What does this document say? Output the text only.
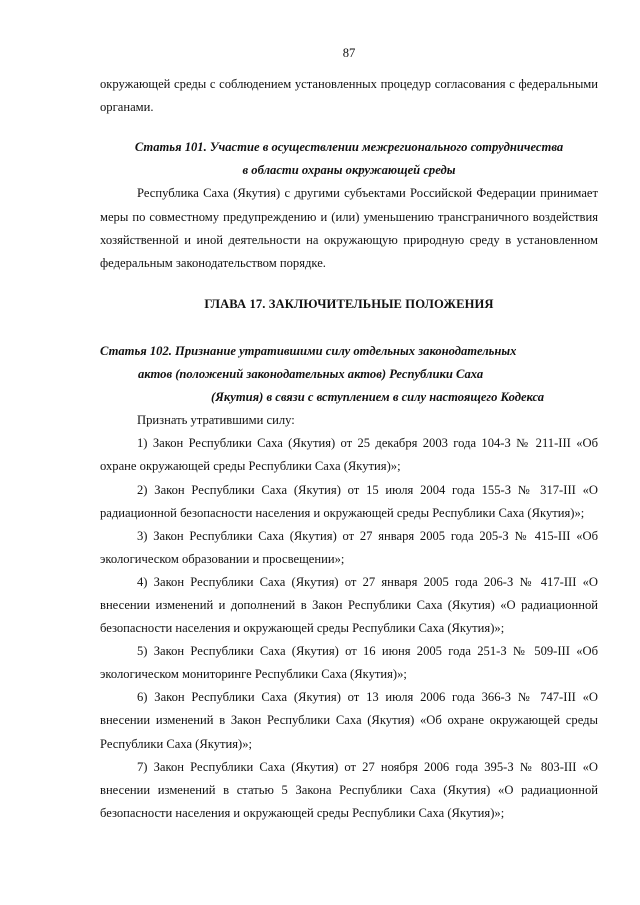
87

окружающей среды с соблюдением установленных процедур согласования с федеральными органами.

Статья 101. Участие в осуществлении межрегионального сотрудничества
в области охраны окружающей среды

Республика Саха (Якутия) с другими субъектами Российской Федерации принимает меры по совместному предупреждению и (или) уменьшению трансграничного воздействия хозяйственной и иной деятельности на окружающую природную среду в установленном федеральным законодательством порядке.

ГЛАВА 17. ЗАКЛЮЧИТЕЛЬНЫЕ ПОЛОЖЕНИЯ
Статья 102. Признание утратившими силу отдельных законодательных
актов (положений законодательных актов) Республики Саха
(Якутия) в связи с вступлением в силу настоящего Кодекса

Признать утратившими силу:

1) Закон Республики Саха (Якутия) от 25 декабря 2003 года 104-З № 211-III «Об охране окружающей среды Республики Саха (Якутия)»;

2) Закон Республики Саха (Якутия) от 15 июля 2004 года 155-З № 317-III «О радиационной безопасности населения и окружающей среды Республики Саха (Якутия)»;

3) Закон Республики Саха (Якутия) от 27 января 2005 года 205-З № 415-III «Об экологическом образовании и просвещении»;

4) Закон Республики Саха (Якутия) от 27 января 2005 года 206-З № 417-III «О внесении изменений и дополнений в Закон Республики Саха (Якутия) «О радиационной безопасности населения и окружающей среды Республики Саха (Якутия)»;

5) Закон Республики Саха (Якутия) от 16 июня 2005 года 251-З № 509-III «Об экологическом мониторинге Республики Саха (Якутия)»;

6) Закон Республики Саха (Якутия) от 13 июля 2006 года 366-З № 747-III «О внесении изменений в Закон Республики Саха (Якутия) «Об охране окружающей среды Республики Саха (Якутия)»;

7) Закон Республики Саха (Якутия) от 27 ноября 2006 года 395-З № 803-III «О внесении изменений в статью 5 Закона Республики Саха (Якутия) «О радиационной безопасности населения и окружающей среды Республики Саха (Якутия)»;
